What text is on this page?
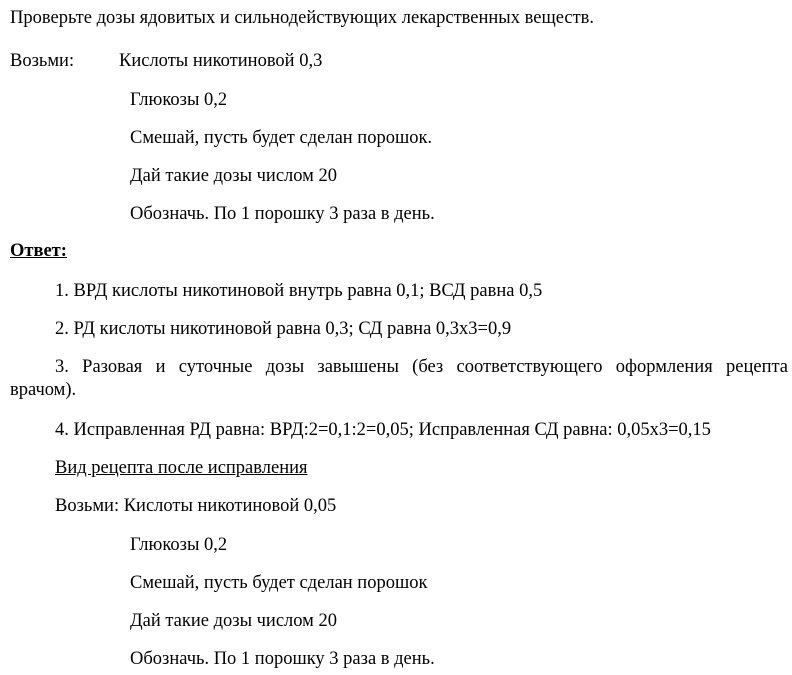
Проверьте дозы ядовитых и сильнодействующих лекарственных веществ.
Возьми: Кислоты никотиновой 0,3
Глюкозы 0,2
Смешай, пусть будет сделан порошок.
Дай такие дозы числом 20
Обозначь. По 1 порошку 3 раза в день.
Ответ:
1. ВРД кислоты никотиновой внутрь равна 0,1; ВСД равна 0,5
2. РД кислоты никотиновой равна 0,3; СД равна 0,3х3=0,9
3. Разовая и суточные дозы завышены (без соответствующего оформления рецепта
врачом).
4. Исправленная РД равна: ВРД:2=0,1:2=0,05; Исправленная СД равна: 0,05х3=0,15
Вид рецепта после исправления
Возьми: Кислоты никотиновой 0,05
Глюкозы 0,2
Смешай, пусть будет сделан порошок
Дай такие дозы числом 20
Обозначь. По 1 порошку 3 раза в день.
